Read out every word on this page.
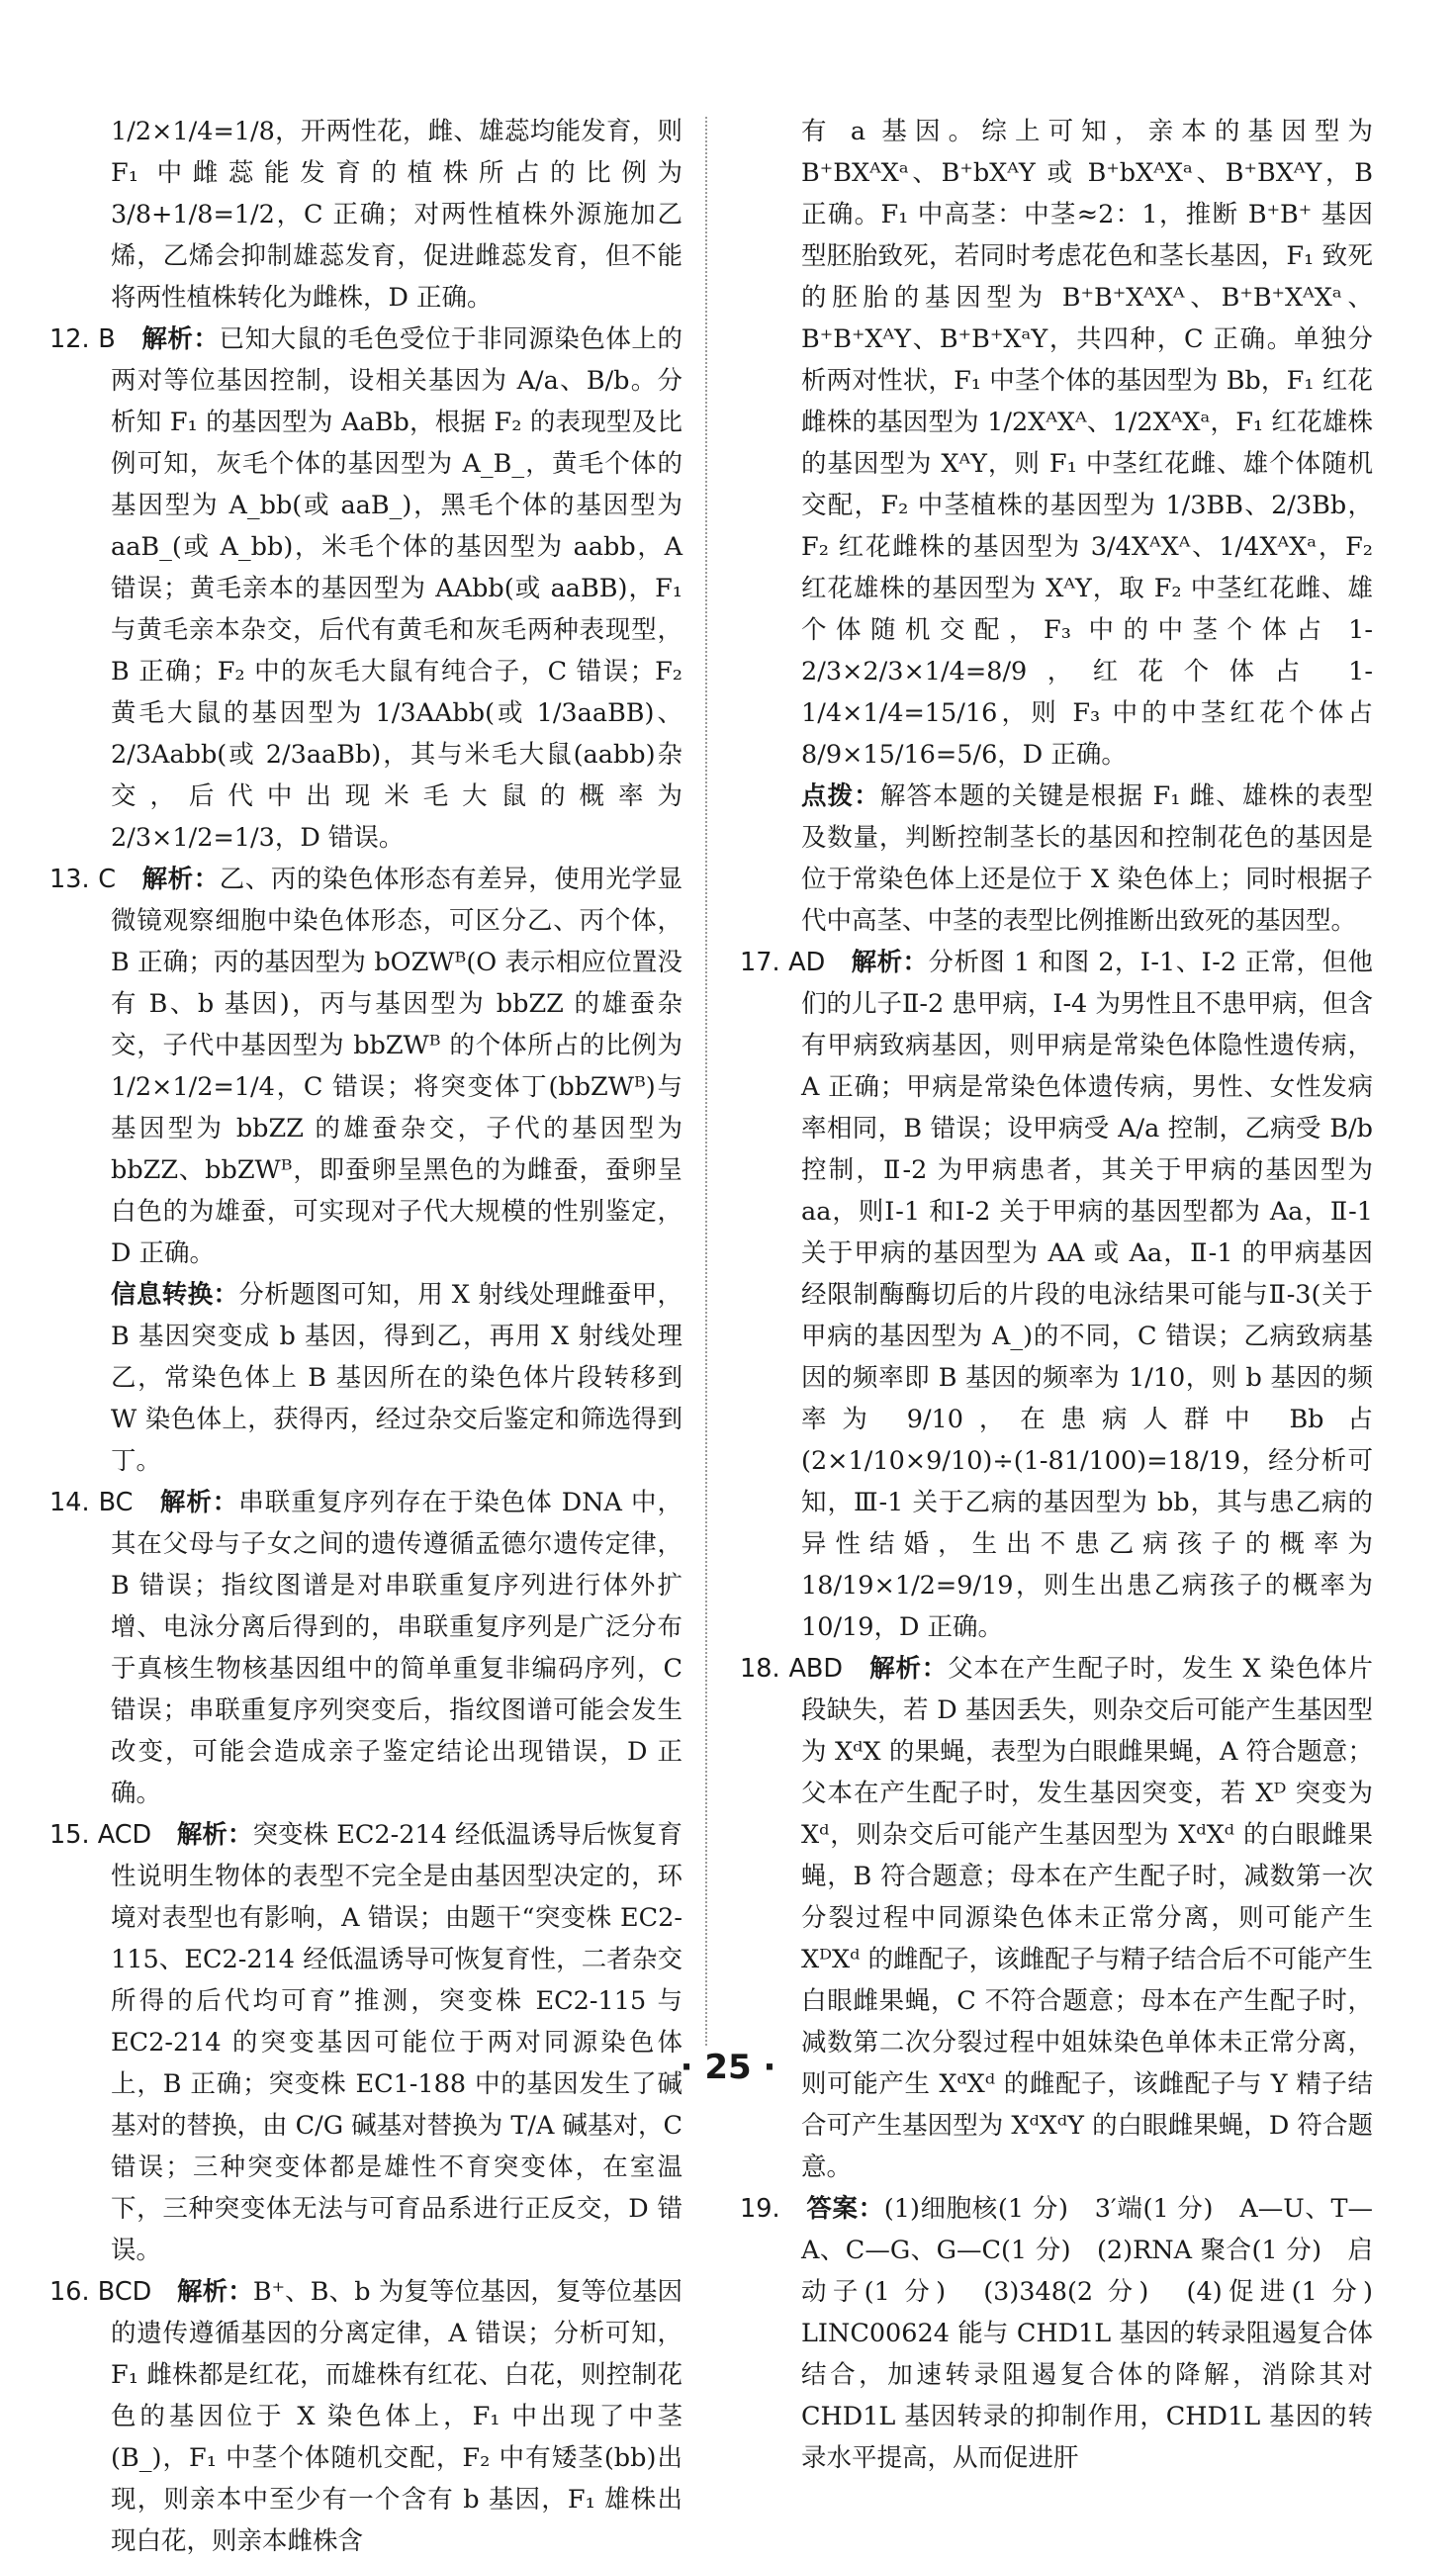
1/2×1/4=1/8，开两性花，雌、雄蕊均能发育，则 F₁ 中雌蕊能发育的植株所占的比例为 3/8+1/8=1/2，C 正确；对两性植株外源施加乙烯，乙烯会抑制雄蕊发育，促进雌蕊发育，但不能将两性植株转化为雌株，D 正确。
12. B　 解析：已知大鼠的毛色受位于非同源染色体上的两对等位基因控制，设相关基因为 A/a、B/b。分析知 F₁ 的基因型为 AaBb，根据 F₂ 的表现型及比例可知，灰毛个体的基因型为 A_B_，黄毛个体的基因型为 A_bb(或 aaB_)，黑毛个体的基因型为 aaB_(或 A_bb)，米毛个体的基因型为 aabb，A 错误；黄毛亲本的基因型为 AAbb(或 aaBB)，F₁ 与黄毛亲本杂交，后代有黄毛和灰毛两种表现型，B 正确；F₂ 中的灰毛大鼠有纯合子，C 错误；F₂ 黄毛大鼠的基因型为 1/3AAbb(或 1/3aaBB)、2/3Aabb(或 2/3aaBb)，其与米毛大鼠(aabb)杂交，后代中出现米毛大鼠的概率为 2/3×1/2=1/3，D 错误。
13. C　 解析：乙、丙的染色体形态有差异，使用光学显微镜观察细胞中染色体形态，可区分乙、丙个体，B 正确；丙的基因型为 bOZWᴮ(O 表示相应位置没有 B、b 基因)，丙与基因型为 bbZZ 的雄蚕杂交，子代中基因型为 bbZWᴮ 的个体所占的比例为 1/2×1/2=1/4，C 错误；将突变体丁(bbZWᴮ)与基因型为 bbZZ 的雄蚕杂交，子代的基因型为 bbZZ、bbZWᴮ，即蚕卵呈黑色的为雌蚕，蚕卵呈白色的为雄蚕，可实现对子代大规模的性别鉴定，D 正确。
信息转换：分析题图可知，用 X 射线处理雌蚕甲，B 基因突变成 b 基因，得到乙，再用 X 射线处理乙，常染色体上 B 基因所在的染色体片段转移到 W 染色体上，获得丙，经过杂交后鉴定和筛选得到丁。
14. BC　 解析：串联重复序列存在于染色体 DNA 中，其在父母与子女之间的遗传遵循孟德尔遗传定律，B 错误；指纹图谱是对串联重复序列进行体外扩增、电泳分离后得到的，串联重复序列是广泛分布于真核生物核基因组中的简单重复非编码序列，C 错误；串联重复序列突变后，指纹图谱可能会发生改变，可能会造成亲子鉴定结论出现错误，D 正确。
15. ACD　 解析：突变株 EC2-214 经低温诱导后恢复育性说明生物体的表型不完全是由基因型决定的，环境对表型也有影响，A 错误；由题干“突变株 EC2-115、EC2-214 经低温诱导可恢复育性，二者杂交所得的后代均可育”推测，突变株 EC2-115 与 EC2-214 的突变基因可能位于两对同源染色体上，B 正确；突变株 EC1-188 中的基因发生了碱基对的替换，由 C/G 碱基对替换为 T/A 碱基对，C 错误；三种突变体都是雄性不育突变体，在室温下，三种突变体无法与可育品系进行正反交，D 错误。
16. BCD　 解析：B⁺、B、b 为复等位基因，复等位基因的遗传遵循基因的分离定律，A 错误；分析可知，F₁ 雌株都是红花，而雄株有红花、白花，则控制花色的基因位于 X 染色体上，F₁ 中出现了中茎(B_)，F₁ 中茎个体随机交配，F₂ 中有矮茎(bb)出现，则亲本中至少有一个含有 b 基因，F₁ 雄株出现白花，则亲本雌株含
有 a 基因。综上可知，亲本的基因型为 B⁺BXᴬXᵃ、B⁺bXᴬY 或 B⁺bXᴬXᵃ、B⁺BXᴬY，B 正确。F₁ 中高茎：中茎≈2：1，推断 B⁺B⁺ 基因型胚胎致死，若同时考虑花色和茎长基因，F₁ 致死的胚胎的基因型为 B⁺B⁺XᴬXᴬ、B⁺B⁺XᴬXᵃ、B⁺B⁺XᴬY、B⁺B⁺XᵃY，共四种，C 正确。单独分析两对性状，F₁ 中茎个体的基因型为 Bb，F₁ 红花雌株的基因型为 1/2XᴬXᴬ、1/2XᴬXᵃ，F₁ 红花雄株的基因型为 XᴬY，则 F₁ 中茎红花雌、雄个体随机交配，F₂ 中茎植株的基因型为 1/3BB、2/3Bb，F₂ 红花雌株的基因型为 3/4XᴬXᴬ、1/4XᴬXᵃ，F₂ 红花雄株的基因型为 XᴬY，取 F₂ 中茎红花雌、雄个体随机交配，F₃ 中的中茎个体占 1-2/3×2/3×1/4=8/9，红花个体占 1-1/4×1/4=15/16，则 F₃ 中的中茎红花个体占 8/9×15/16=5/6，D 正确。
点拨：解答本题的关键是根据 F₁ 雌、雄株的表型及数量，判断控制茎长的基因和控制花色的基因是位于常染色体上还是位于 X 染色体上；同时根据子代中高茎、中茎的表型比例推断出致死的基因型。
17. AD　 解析：分析图 1 和图 2，Ⅰ-1、Ⅰ-2 正常，但他们的儿子Ⅱ-2 患甲病，Ⅰ-4 为男性且不患甲病，但含有甲病致病基因，则甲病是常染色体隐性遗传病，A 正确；甲病是常染色体遗传病，男性、女性发病率相同，B 错误；设甲病受 A/a 控制，乙病受 B/b 控制，Ⅱ-2 为甲病患者，其关于甲病的基因型为 aa，则Ⅰ-1 和Ⅰ-2 关于甲病的基因型都为 Aa，Ⅱ-1 关于甲病的基因型为 AA 或 Aa，Ⅱ-1 的甲病基因经限制酶酶切后的片段的电泳结果可能与Ⅱ-3(关于甲病的基因型为 A_)的不同，C 错误；乙病致病基因的频率即 B 基因的频率为 1/10，则 b 基因的频率为 9/10，在患病人群中 Bb 占(2×1/10×9/10)÷(1-81/100)=18/19，经分析可知，Ⅲ-1 关于乙病的基因型为 bb，其与患乙病的异性结婚，生出不患乙病孩子的概率为 18/19×1/2=9/19，则生出患乙病孩子的概率为 10/19，D 正确。
18. ABD　 解析：父本在产生配子时，发生 X 染色体片段缺失，若 D 基因丢失，则杂交后可能产生基因型为 XᵈX 的果蝇，表型为白眼雌果蝇，A 符合题意；父本在产生配子时，发生基因突变，若 Xᴰ 突变为 Xᵈ，则杂交后可能产生基因型为 XᵈXᵈ 的白眼雌果蝇，B 符合题意；母本在产生配子时，减数第一次分裂过程中同源染色体未正常分离，则可能产生 XᴰXᵈ 的雌配子，该雌配子与精子结合后不可能产生白眼雌果蝇，C 不符合题意；母本在产生配子时，减数第二次分裂过程中姐妹染色单体未正常分离，则可能产生 XᵈXᵈ 的雌配子，该雌配子与 Y 精子结合可产生基因型为 XᵈXᵈY 的白眼雌果蝇，D 符合题意。
19.　 答案：(1)细胞核(1 分)　3′端(1 分)　A—U、T—A、C—G、G—C(1 分)　(2)RNA 聚合(1 分)　启动子(1 分)　(3)348(2 分)　(4)促进(1 分)　LINC00624 能与 CHD1L 基因的转录阻遏复合体结合，加速转录阻遏复合体的降解，消除其对 CHD1L 基因转录的抑制作用，CHD1L 基因的转录水平提高，从而促进肝
· 25 ·
